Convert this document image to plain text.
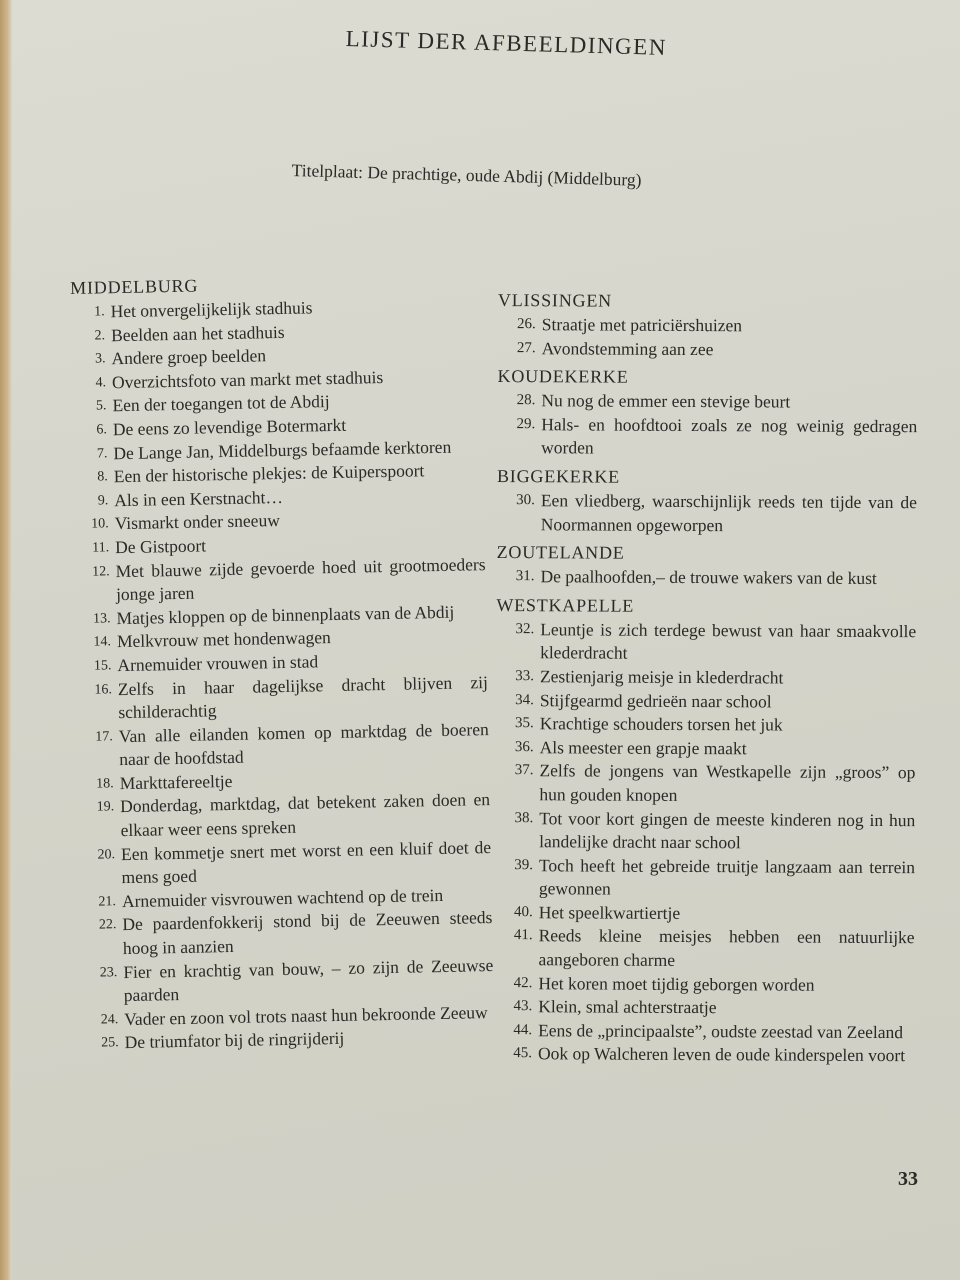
LIJST DER AFBEELDINGEN

Titelplaat: De prachtige, oude Abdij (Middelburg)

MIDDELBURG
1. Het onvergelijkelijk stadhuis
2. Beelden aan het stadhuis
3. Andere groep beelden
4. Overzichtsfoto van markt met stadhuis
5. Een der toegangen tot de Abdij
6. De eens zo levendige Botermarkt
7. De Lange Jan, Middelburgs befaamde kerktoren
8. Een der historische plekjes: de Kuiperspoort
9. Als in een Kerstnacht…
10. Vismarkt onder sneeuw
11. De Gistpoort
12. Met blauwe zijde gevoerde hoed uit grootmoeders jonge jaren
13. Matjes kloppen op de binnenplaats van de Abdij
14. Melkvrouw met hondenwagen
15. Arnemuider vrouwen in stad
16. Zelfs in haar dagelijkse dracht blijven zij schilderachtig
17. Van alle eilanden komen op marktdag de boeren naar de hoofdstad
18. Markttafereeltje
19. Donderdag, marktdag, dat betekent zaken doen en elkaar weer eens spreken
20. Een kommetje snert met worst en een kluif doet de mens goed
21. Arnemuider visvrouwen wachtend op de trein
22. De paardenfokkerij stond bij de Zeeuwen steeds hoog in aanzien
23. Fier en krachtig van bouw, – zo zijn de Zeeuwse paarden
24. Vader en zoon vol trots naast hun bekroonde Zeeuw
25. De triumfator bij de ringrijderij
VLISSINGEN
26. Straatje met patriciërshuizen
27. Avondstemming aan zee
KOUDEKERKE
28. Nu nog de emmer een stevige beurt
29. Hals- en hoofdtooi zoals ze nog weinig gedragen worden
BIGGEKERKE
30. Een vliedberg, waarschijnlijk reeds ten tijde van de Noormannen opgeworpen
ZOUTELANDE
31. De paalhoofden,– de trouwe wakers van de kust
WESTKAPELLE
32. Leuntje is zich terdege bewust van haar smaakvolle klederdracht
33. Zestienjarig meisje in klederdracht
34. Stijfgearmd gedrieën naar school
35. Krachtige schouders torsen het juk
36. Als meester een grapje maakt
37. Zelfs de jongens van Westkapelle zijn „groos” op hun gouden knopen
38. Tot voor kort gingen de meeste kinderen nog in hun landelijke dracht naar school
39. Toch heeft het gebreide truitje langzaam aan terrein gewonnen
40. Het speelkwartiertje
41. Reeds kleine meisjes hebben een natuurlijke aangeboren charme
42. Het koren moet tijdig geborgen worden
43. Klein, smal achterstraatje
44. Eens de „principaalste”, oudste zeestad van Zeeland
45. Ook op Walcheren leven de oude kinderspelen voort
33
